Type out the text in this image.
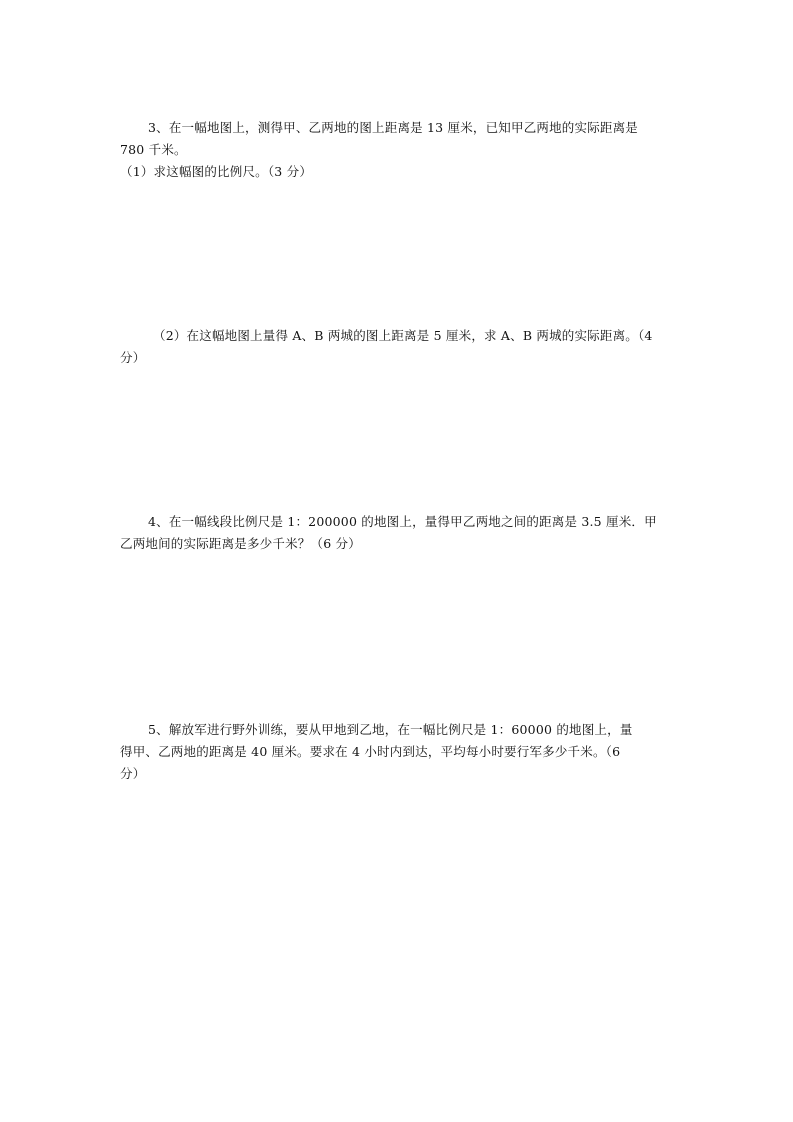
3、在一幅地图上，测得甲、乙两地的图上距离是 13 厘米，已知甲乙两地的实际距离是

780 千米。

（1）求这幅图的比例尺。（3 分）

（2）在这幅地图上量得 A、B 两城的图上距离是 5 厘米，求 A、B 两城的实际距离。（4

分）

4、在一幅线段比例尺是 1：200000 的地图上，量得甲乙两地之间的距离是 3.5 厘米．甲

乙两地间的实际距离是多少千米？（6 分）

5、解放军进行野外训练，要从甲地到乙地，在一幅比例尺是 1：60000 的地图上，量

得甲、乙两地的距离是 40 厘米。要求在 4 小时内到达，平均每小时要行军多少千米。（6

分）
